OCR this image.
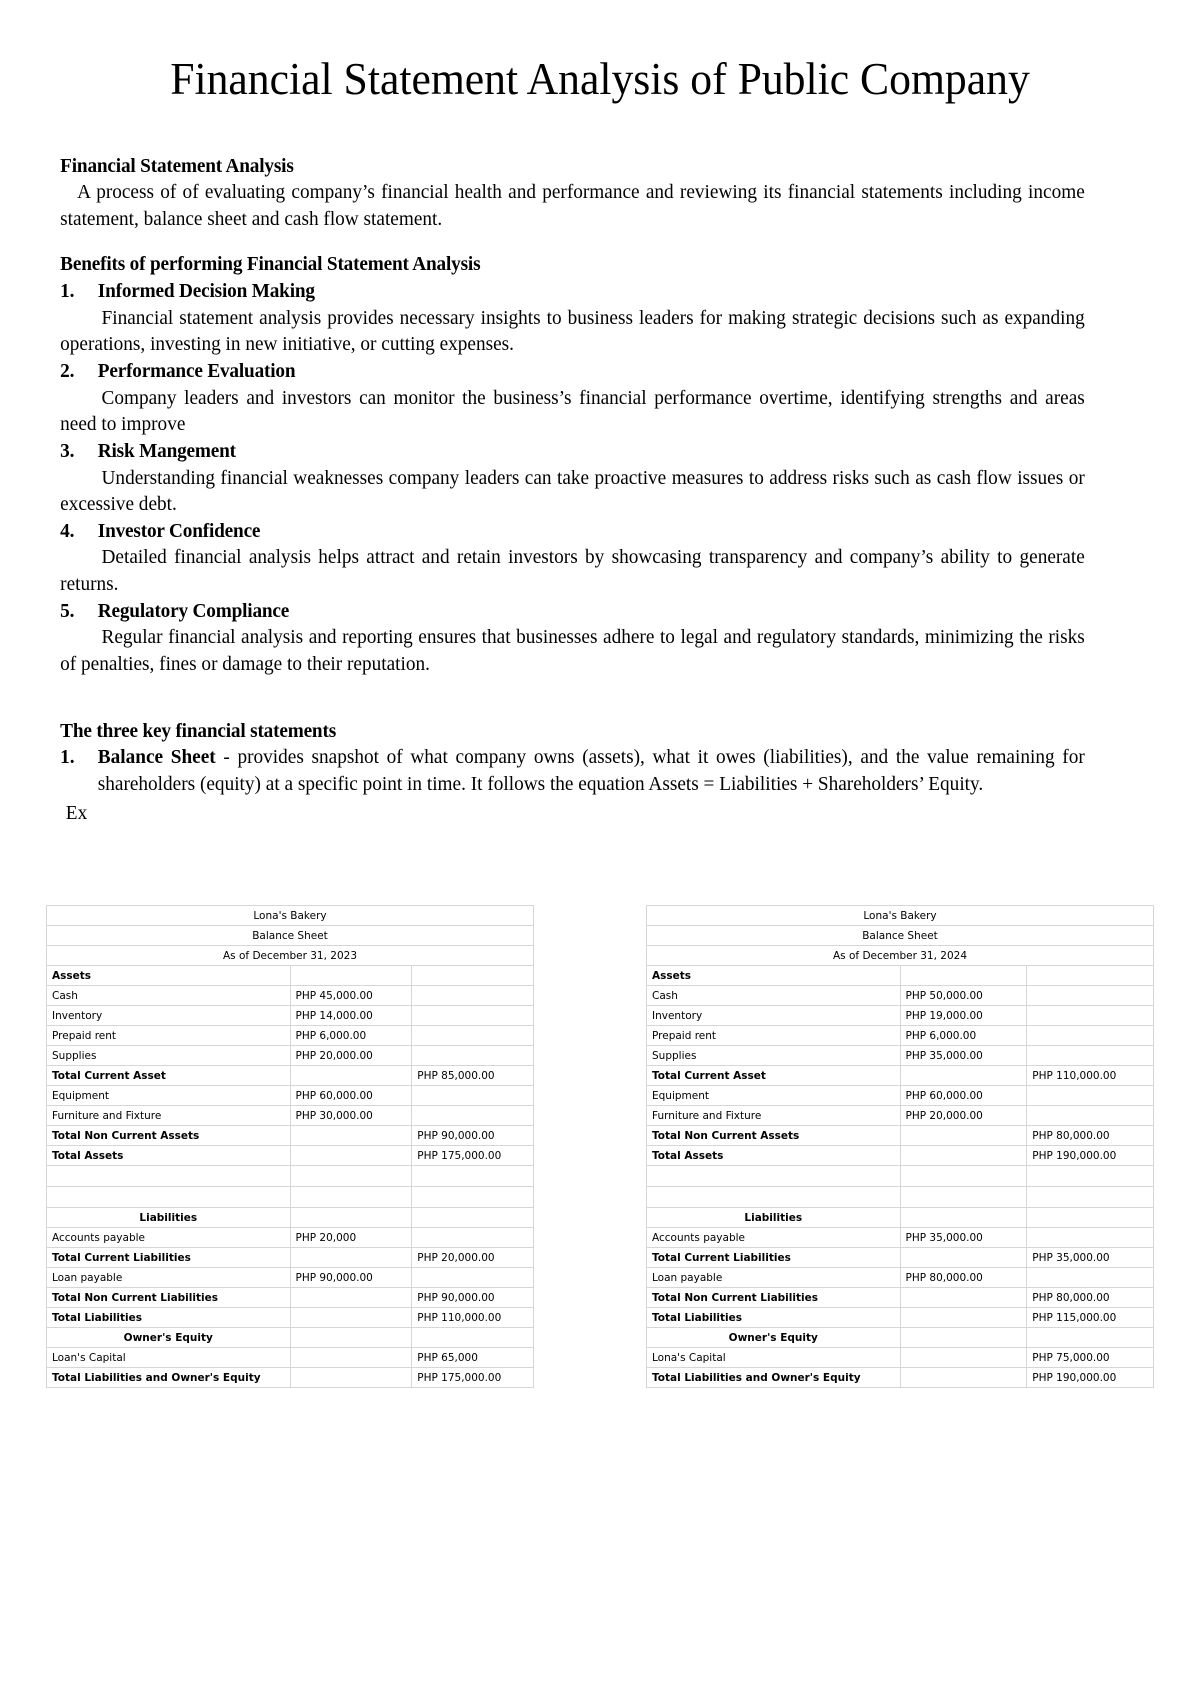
Financial Statement Analysis of Public Company
Financial Statement Analysis

A process of of evaluating company’s financial health and performance and reviewing its financial statements including income statement, balance sheet and cash flow statement.

Benefits of performing Financial Statement Analysis
1.	Informed Decision Making

Financial statement analysis provides necessary insights to business leaders for making strategic decisions such as expanding operations, investing in new initiative, or cutting expenses.

2.	Performance Evaluation

Company leaders and investors can monitor the business’s financial performance overtime, identifying strengths and areas need to improve

3.	Risk Mangement

Understanding financial weaknesses company leaders can take proactive measures to address risks such as cash flow issues or excessive debt.

4.	Investor Confidence

Detailed financial analysis helps attract and retain investors by showcasing transparency and company’s ability to generate returns.

5.	Regulatory Compliance

Regular financial analysis and reporting ensures that businesses adhere to legal and regulatory standards, minimizing the risks of penalties, fines or damage to their reputation.

The three key financial statements
1.	Balance Sheet - provides snapshot of what company owns (assets), what it owes (liabilities), and the value remaining for shareholders (equity) at a specific point in time. It follows the equation Assets = Liabilities + Shareholders’ Equity.
Ex
Lona's Bakery		
Balance Sheet		
As of December 31, 2023		
Assets		
Cash	PHP 45,000.00	
Inventory	PHP 14,000.00	
Prepaid rent	PHP 6,000.00	
Supplies	PHP 20,000.00	
Total Current Asset		PHP 85,000.00
Equipment	PHP 60,000.00	
Furniture and Fixture	PHP 30,000.00	
Total Non Current Assets		PHP 90,000.00
Total Assets		PHP 175,000.00

Liabilities		
Accounts payable	PHP 20,000	
Total Current Liabilities		PHP 20,000.00
Loan payable	PHP 90,000.00	
Total Non Current Liabilities		PHP 90,000.00
Total Liabilities		PHP 110,000.00
Owner's Equity		
Loan's Capital		PHP 65,000
Total Liabilities and Owner's Equity		PHP 175,000.00
Lona's Bakery		
Balance Sheet		
As of December 31, 2024		
Assets		
Cash	PHP 50,000.00	
Inventory	PHP 19,000.00	
Prepaid rent	PHP 6,000.00	
Supplies	PHP 35,000.00	
Total Current Asset		PHP 110,000.00
Equipment	PHP 60,000.00	
Furniture and Fixture	PHP 20,000.00	
Total Non Current Assets		PHP 80,000.00
Total Assets		PHP 190,000.00

Liabilities		
Accounts payable	PHP 35,000.00	
Total Current Liabilities		PHP 35,000.00
Loan payable	PHP 80,000.00	
Total Non Current Liabilities		PHP 80,000.00
Total Liabilities		PHP 115,000.00
Owner's Equity		
Lona's Capital		PHP 75,000.00
Total Liabilities and Owner's Equity		PHP 190,000.00
